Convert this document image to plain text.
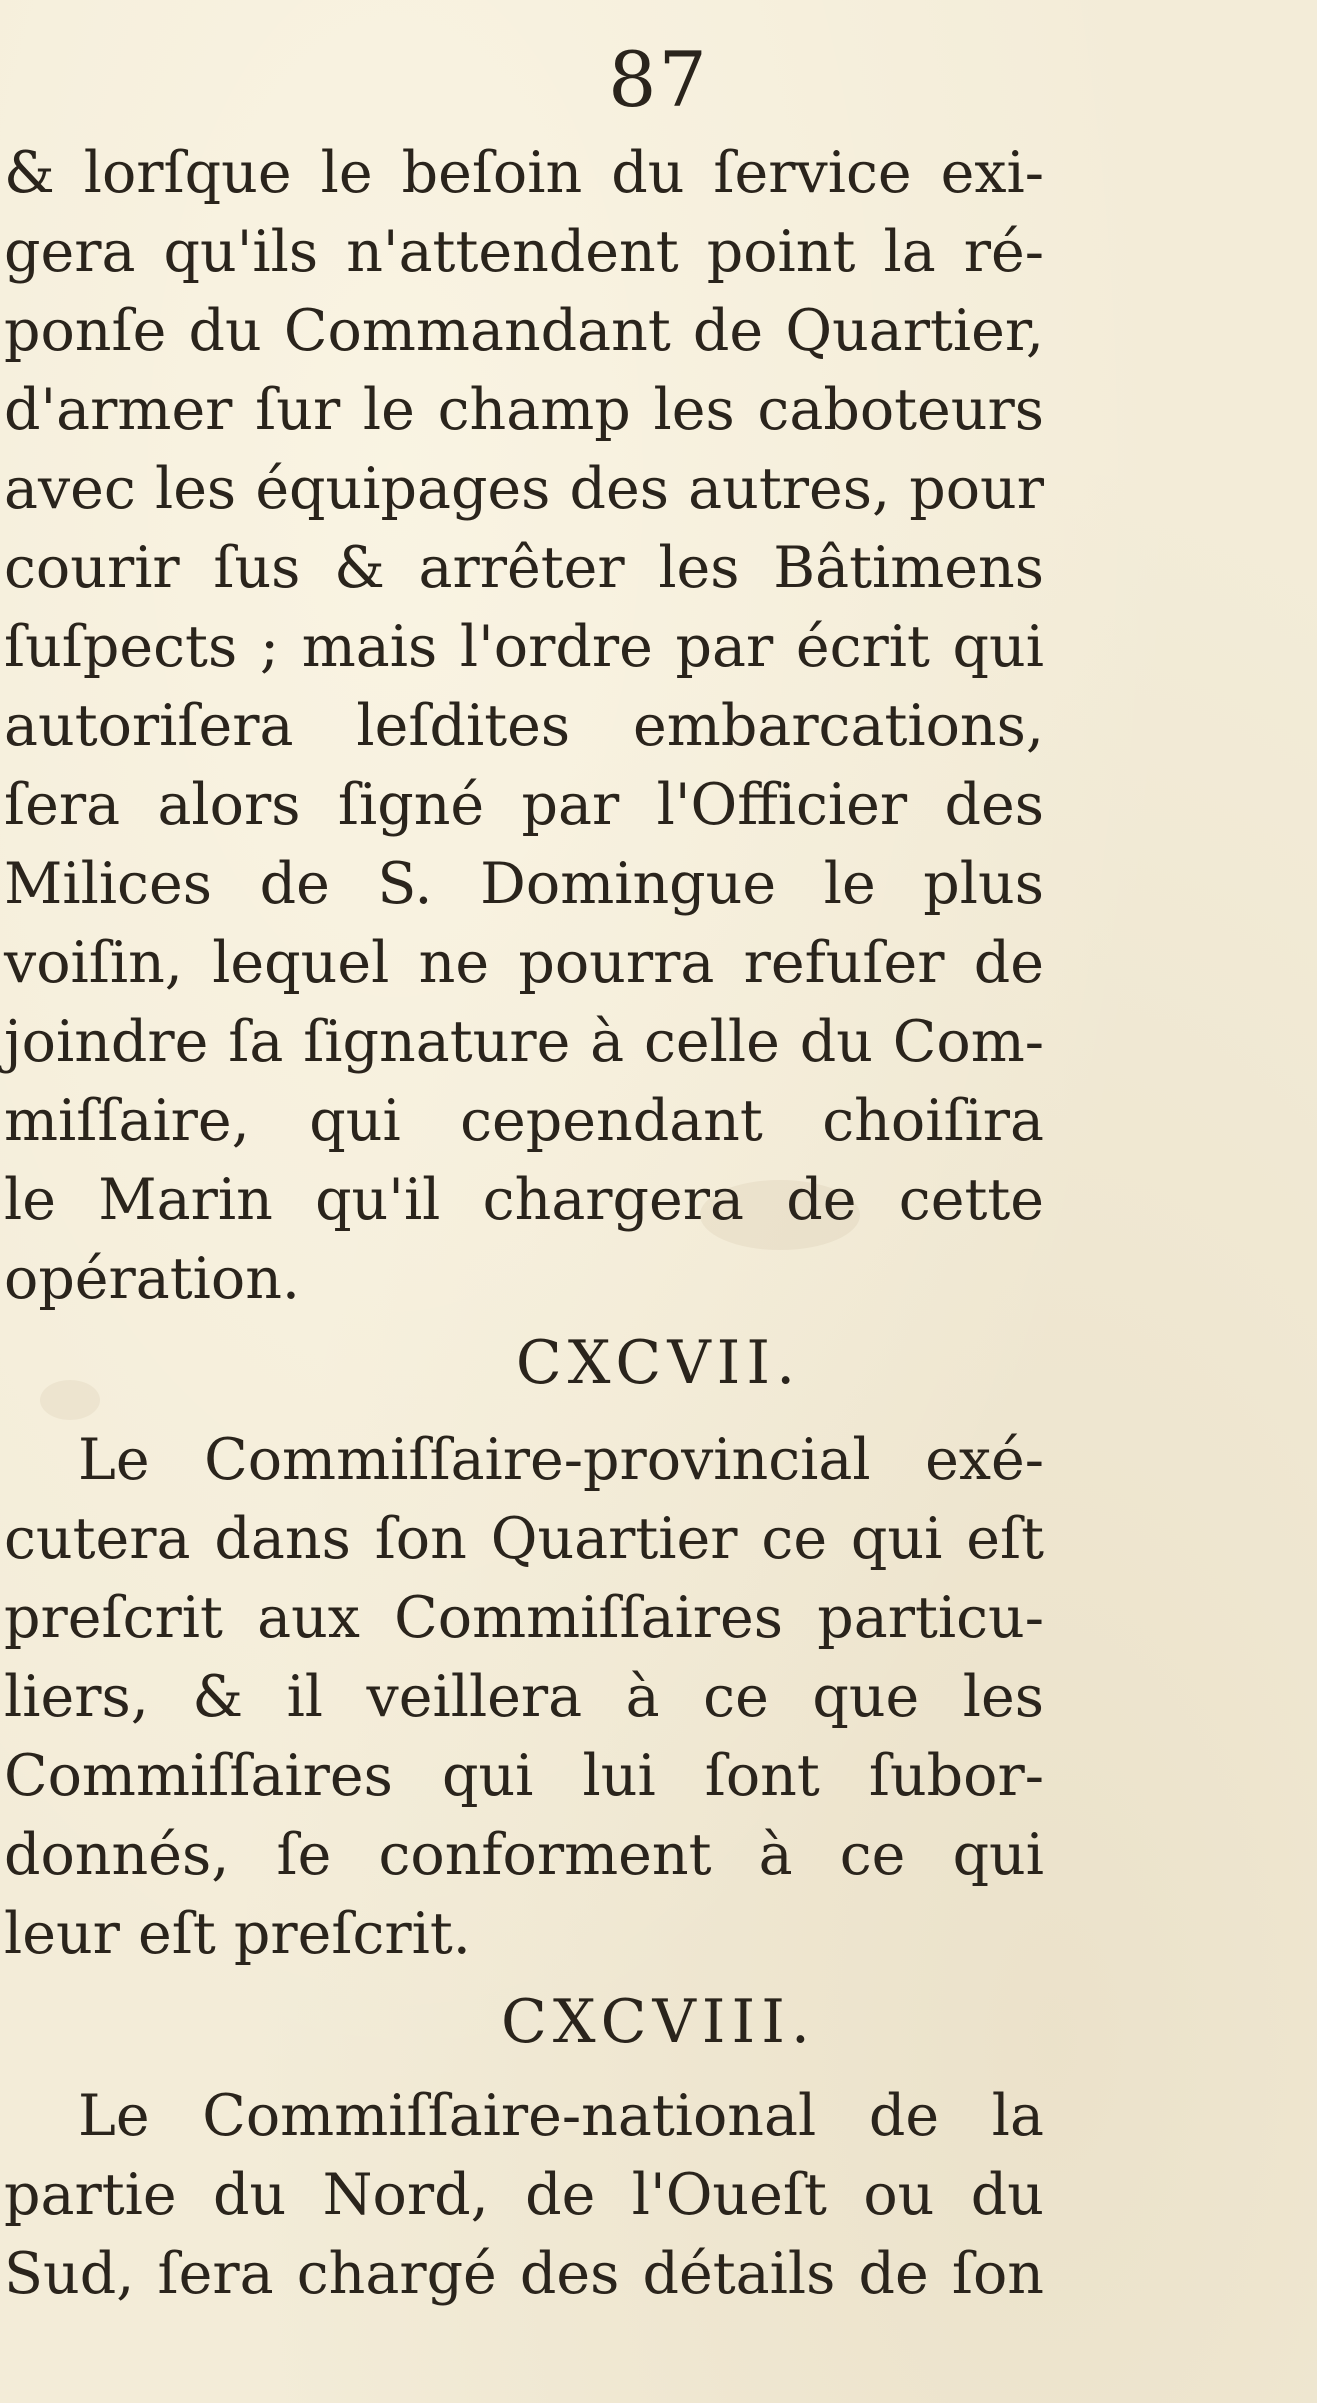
87
& lorſque le beſoin du ſervice exi-
gera qu'ils n'attendent point la ré-
ponſe du Commandant de Quartier,
d'armer ſur le champ les caboteurs
avec les équipages des autres, pour
courir ſus & arrêter les Bâtimens
ſuſpects ; mais l'ordre par écrit qui
autoriſera leſdites embarcations,
ſera alors ſigné par l'Officier des
Milices de S. Domingue le plus
voiſin, lequel ne pourra refuſer de
joindre ſa ſignature à celle du Com-
miſſaire, qui cependant choiſira
le Marin qu'il chargera de cette
opération.
CXCVII.
Le Commiſſaire-provincial exé-
cutera dans ſon Quartier ce qui eſt
preſcrit aux Commiſſaires particu-
liers, & il veillera à ce que les
Commiſſaires qui lui ſont ſubor-
donnés, ſe conforment à ce qui
leur eſt preſcrit.
CXCVIII.
Le Commiſſaire-national de la
partie du Nord, de l'Oueſt ou du
Sud, ſera chargé des détails de ſon
